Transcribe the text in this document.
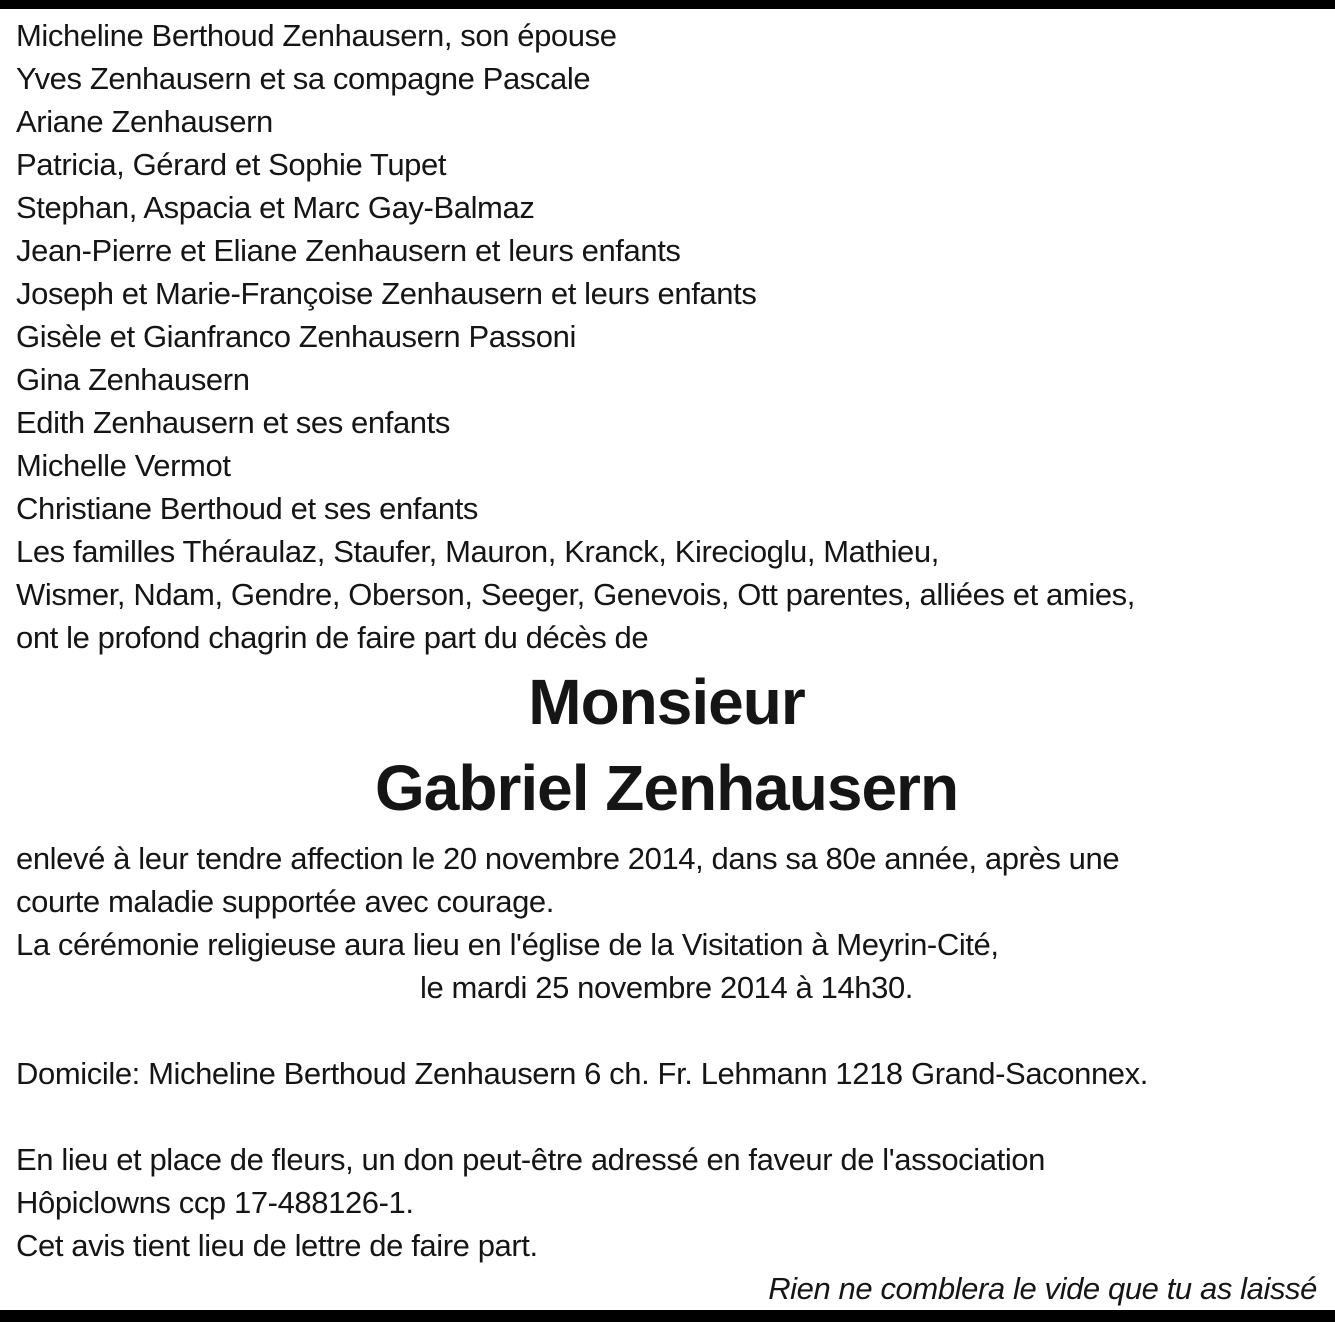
Micheline Berthoud Zenhausern, son épouse

Yves Zenhausern et sa compagne Pascale

Ariane Zenhausern

Patricia, Gérard et Sophie Tupet

Stephan, Aspacia et Marc Gay-Balmaz

Jean-Pierre et Eliane Zenhausern et leurs enfants

Joseph et Marie-Françoise Zenhausern et leurs enfants

Gisèle et Gianfranco Zenhausern Passoni

Gina Zenhausern

Edith Zenhausern et ses enfants

Michelle Vermot

Christiane Berthoud et ses enfants

Les familles Théraulaz, Staufer, Mauron, Kranck, Kirecioglu, Mathieu,

Wismer, Ndam, Gendre, Oberson, Seeger, Genevois, Ott parentes, alliées et amies,

ont le profond chagrin de faire part du décès de

Monsieur
Gabriel Zenhausern

enlevé à leur tendre affection le 20 novembre 2014, dans sa 80e année, après une

courte maladie supportée avec courage.

La cérémonie religieuse aura lieu en l'église de la Visitation à Meyrin-Cité,

le mardi 25 novembre 2014 à 14h30.

Domicile: Micheline Berthoud Zenhausern 6 ch. Fr. Lehmann 1218 Grand-Saconnex.

En lieu et place de fleurs, un don peut-être adressé en faveur de l'association

Hôpiclowns ccp 17-488126-1.

Cet avis tient lieu de lettre de faire part.

Rien ne comblera le vide que tu as laissé
